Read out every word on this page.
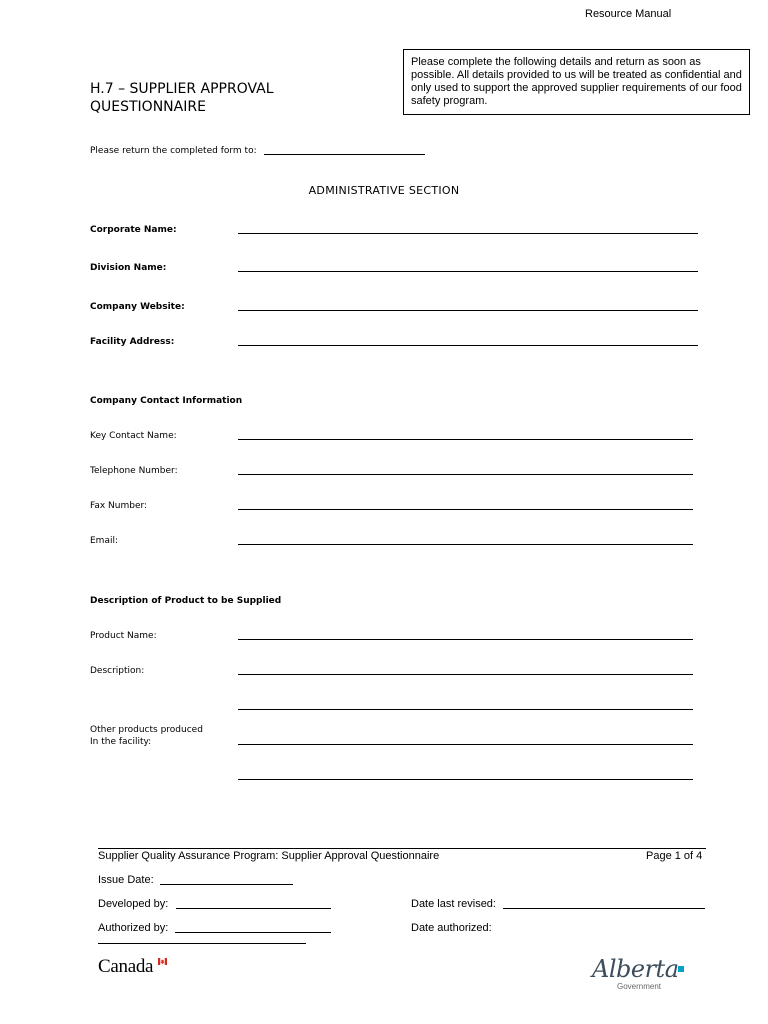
Resource Manual
Please complete the following details and return as soon as possible. All details provided to us will be treated as confidential and only used to support the approved supplier requirements of our food safety program.
H.7 – SUPPLIER APPROVAL
QUESTIONNAIRE
Please return the completed form to:
ADMINISTRATIVE SECTION
Corporate Name:
Division Name:
Company Website:
Facility Address:
Company Contact Information
Key Contact Name:
Telephone Number:
Fax Number:
Email:
Description of Product to be Supplied
Product Name:
Description:
Other products produced
In the facility:
Supplier Quality Assurance Program: Supplier Approval Questionnaire	Page 1 of 4
Issue Date:
Developed by:	Date last revised:
Authorized by:	Date authorized:
Canada	Alberta
Government
